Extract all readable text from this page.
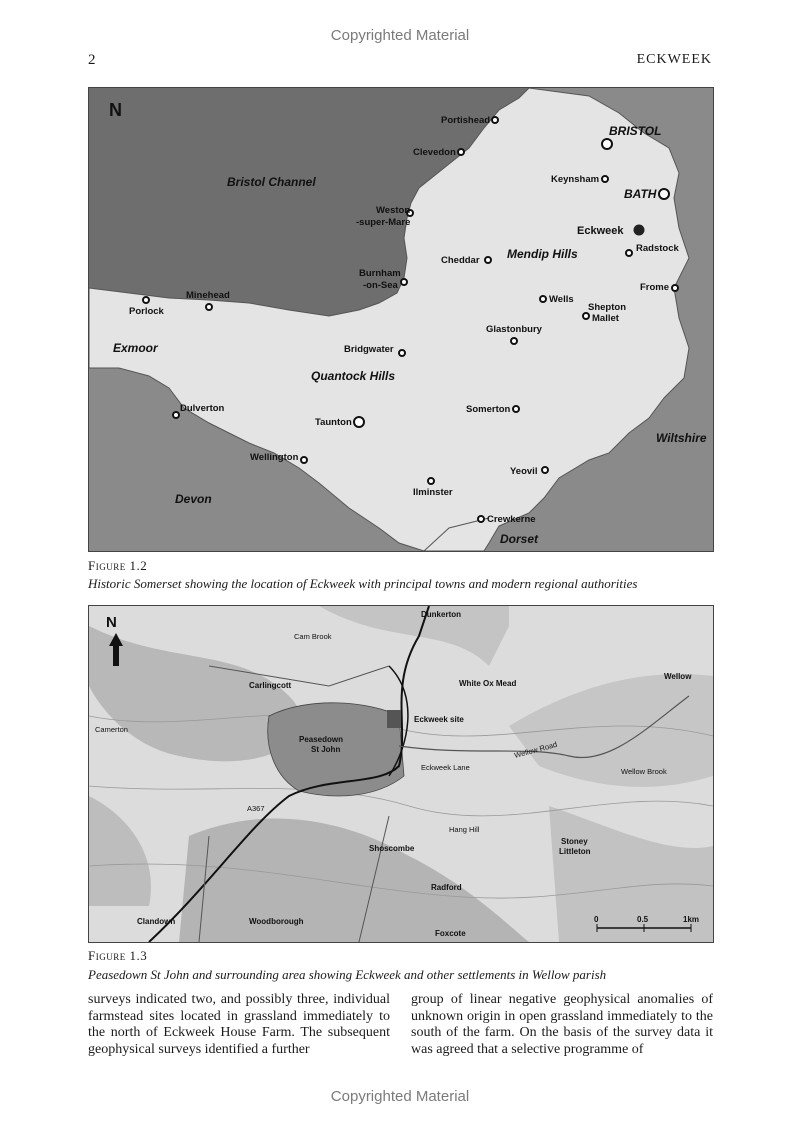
Copyrighted Material
2	ECKWEEK
N
Bristol Channel
BRISTOL
BATH
Mendip Hills
Exmoor
Quantock Hills
Devon
Dorset
Wiltshire
Portishead
Clevedon
Keynsham
Weston
-super-Mare
Eckweek
Radstock
Cheddar
Burnham
-on-Sea	Frome
Minehead
Porlock
Wells
Shepton
Mallet
Glastonbury
Bridgwater
Dulverton
Taunton
Somerton
Wellington
Yeovil
Ilminster
Crewkerne
Figure 1.2
Historic Somerset showing the location of Eckweek with principal towns and modern regional authorities
N	Dunkerton
Cam Brook
White Ox Mead
Carlingcott
Eckweek site
Camerton
Peasedown
St John
Eckweek Lane
Wellow Road
Wellow Brook
Wellow
A367
Hang Hill
Stoney
Littleton
Shoscombe
Radford
Woodborough
Foxcote
Clandown	0	0.5	1km
Figure 1.3
Peasedown St John and surrounding area showing Eckweek and other settlements in Wellow parish
surveys indicated two, and possibly three, individual farmstead sites located in grassland immediately to the north of Eckweek House Farm. The subsequent geophysical surveys identified a further
group of linear negative geophysical anomalies of unknown origin in open grassland immediately to the south of the farm. On the basis of the survey data it was agreed that a selective programme of
Copyrighted Material
